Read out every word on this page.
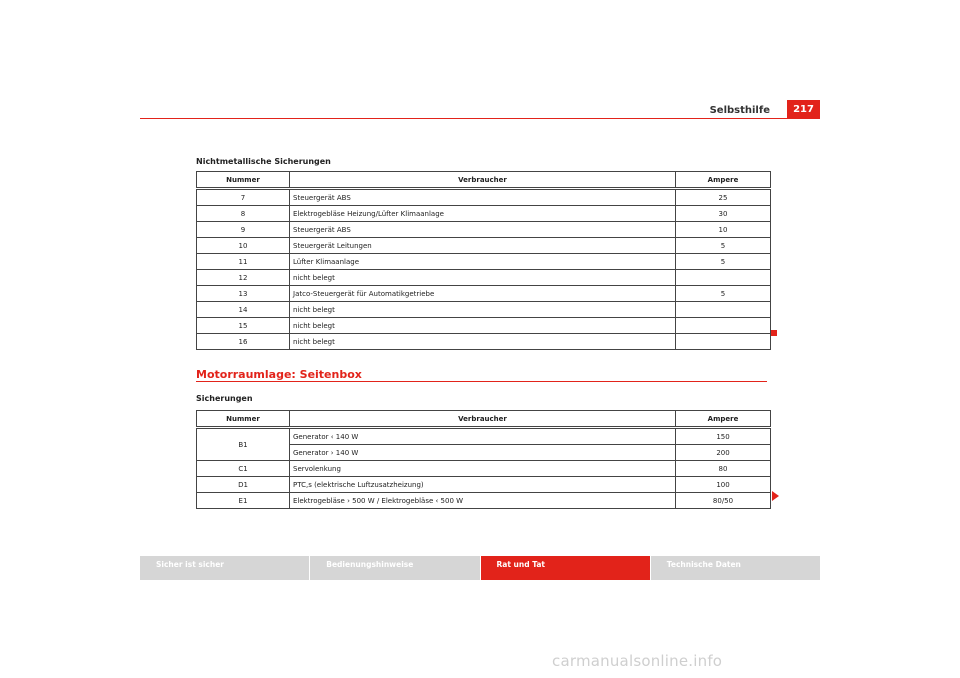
Selbsthilfe	217
Nichtmetallische Sicherungen
Nummer	Verbraucher	Ampere
7	Steuergerät ABS	25
8	Elektrogebläse Heizung/Lüfter Klimaanlage	30
9	Steuergerät ABS	10
10	Steuergerät Leitungen	5
11	Lüfter Klimaanlage	5
12	nicht belegt	
13	Jatco-Steuergerät für Automatikgetriebe	5
14	nicht belegt	
15	nicht belegt	
16	nicht belegt	
Motorraumlage: Seitenbox
Sicherungen
Nummer	Verbraucher	Ampere
B1	Generator ‹ 140 W	150
	Generator › 140 W	200
C1	Servolenkung	80
D1	PTC,s (elektrische Luftzusatzheizung)	100
E1	Elektrogebläse › 500 W / Elektrogebläse ‹ 500 W	80/50
Sicher ist sicher	Bedienungshinweise	Rat und Tat	Technische Daten
carmanualsonline.info
